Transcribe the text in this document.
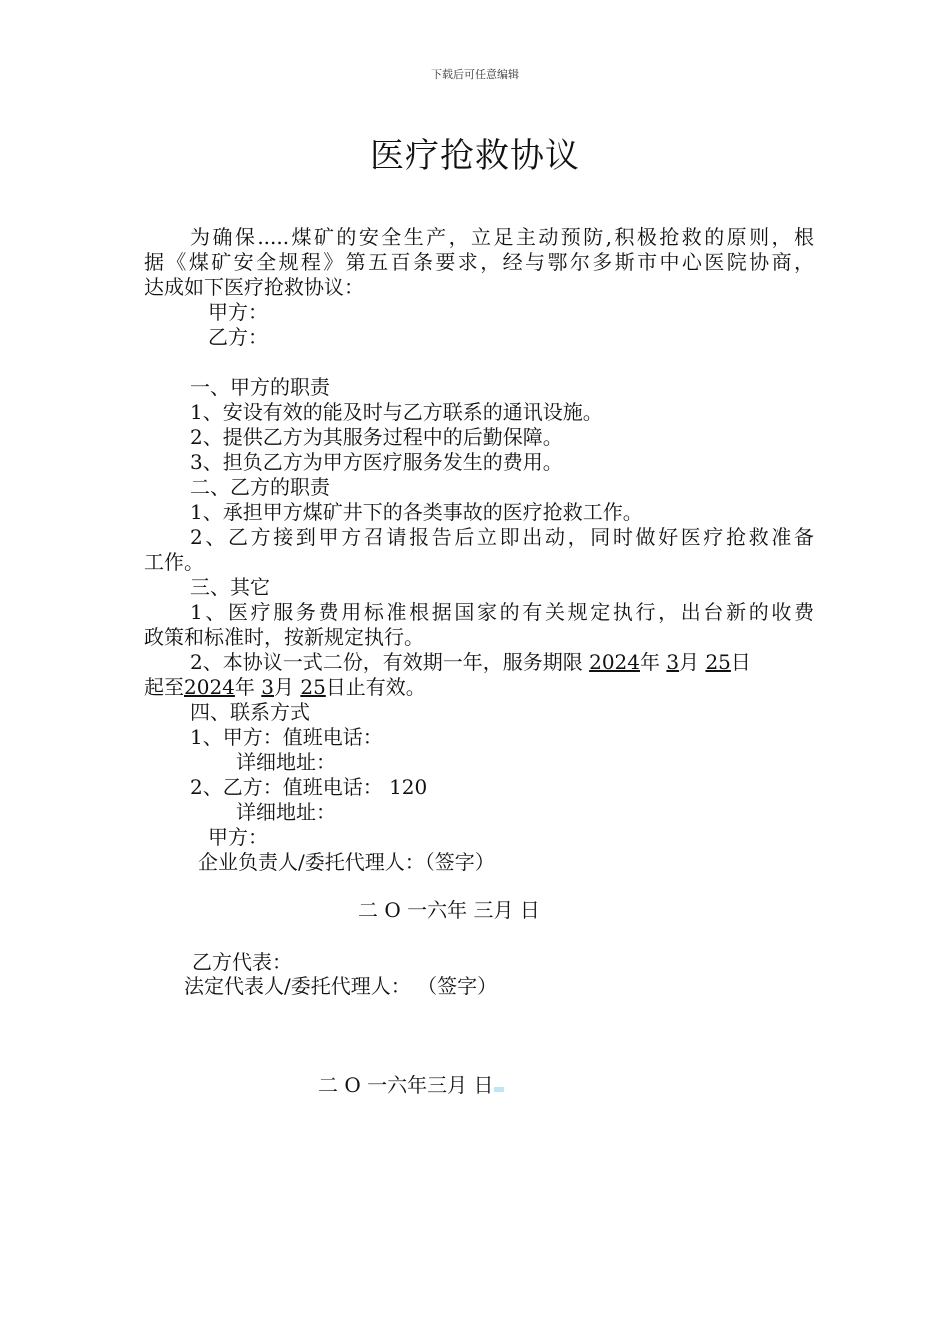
下载后可任意编辑
医疗抢救协议
为确保.....煤矿的安全生产，立足主动预防,积极抢救的原则，根
据《煤矿安全规程》第五百条要求，经与鄂尔多斯市中心医院协商，
达成如下医疗抢救协议：
甲方：
乙方：
一、甲方的职责
1、安设有效的能及时与乙方联系的通讯设施。
2、提供乙方为其服务过程中的后勤保障。
3、担负乙方为甲方医疗服务发生的费用。
二、乙方的职责
1、承担甲方煤矿井下的各类事故的医疗抢救工作。
2、乙方接到甲方召请报告后立即出动，同时做好医疗抢救准备
工作。
三、其它
1、医疗服务费用标准根据国家的有关规定执行，出台新的收费
政策和标准时，按新规定执行。
2、本协议一式二份，有效期一年，服务期限 2024年 3月 25日
起至2024年 3月 25日止有效。
四、联系方式
1、甲方：值班电话：
详细地址：
2、乙方：值班电话： 120
详细地址：
甲方：
企业负责人/委托代理人：（签字）
二 O 一六年 三月 日
乙方代表：
法定代表人/委托代理人： （签字）
二 O 一六年三月 日
